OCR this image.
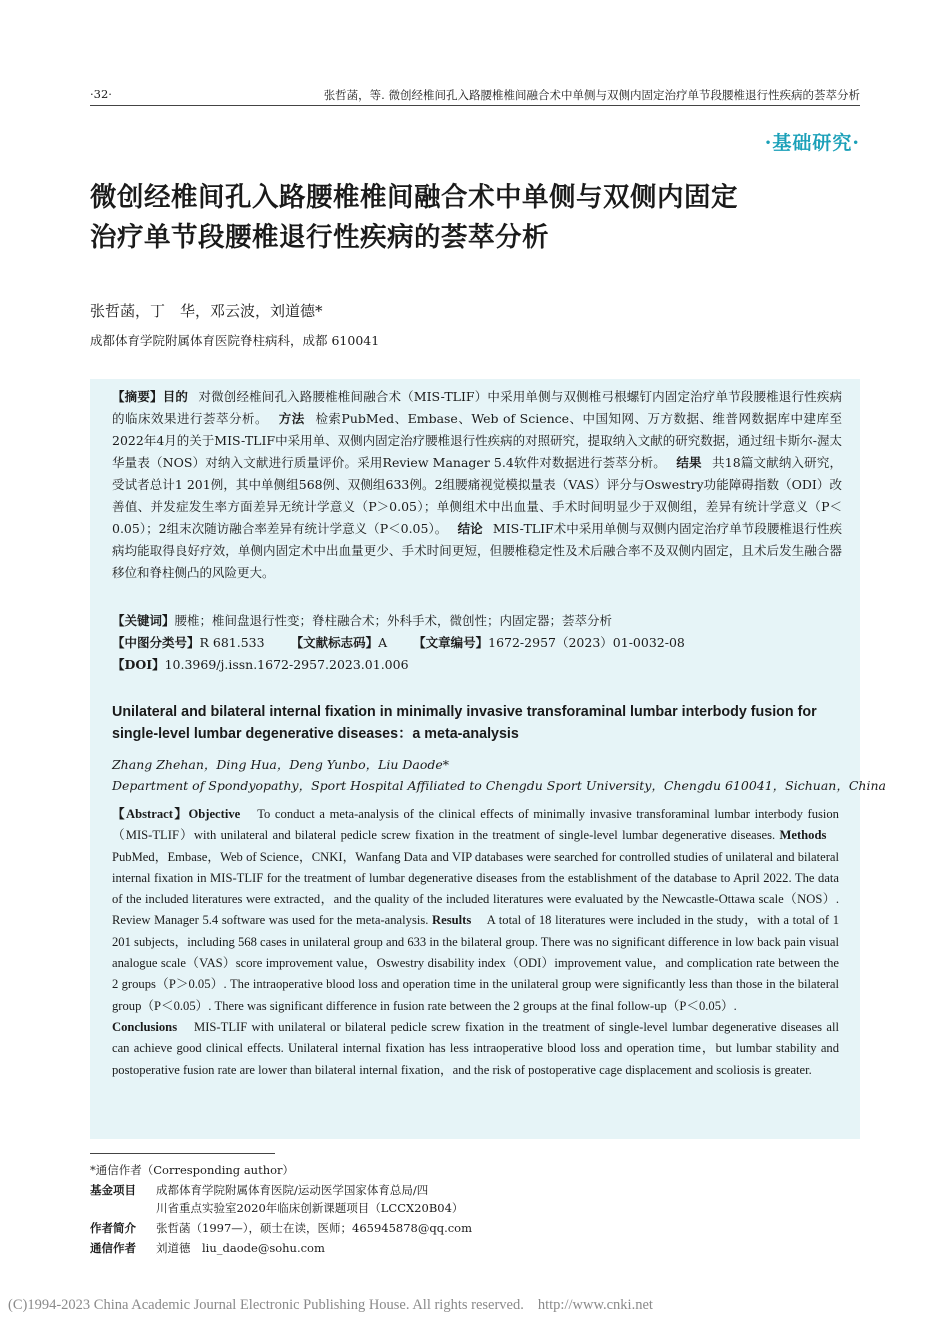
·32·	张哲菡，等. 微创经椎间孔入路腰椎椎间融合术中单侧与双侧内固定治疗单节段腰椎退行性疾病的荟萃分析
·基础研究·
微创经椎间孔入路腰椎椎间融合术中单侧与双侧内固定
治疗单节段腰椎退行性疾病的荟萃分析
张哲菡，丁　华，邓云波，刘道德*
成都体育学院附属体育医院脊柱病科，成都 610041
【摘要】目的  对微创经椎间孔入路腰椎椎间融合术（MIS-TLIF）中采用单侧与双侧椎弓根螺钉内固定治疗单节段腰椎退行性疾病的临床效果进行荟萃分析。  方法  检索PubMed、Embase、Web of Science、中国知网、万方数据、维普网数据库中建库至2022年4月的关于MIS-TLIF中采用单、双侧内固定治疗腰椎退行性疾病的对照研究，提取纳入文献的研究数据，通过纽卡斯尔-渥太华量表（NOS）对纳入文献进行质量评价。采用Review Manager 5.4软件对数据进行荟萃分析。  结果  共18篇文献纳入研究，受试者总计1 201例，其中单侧组568例、双侧组633例。2组腰痛视觉模拟量表（VAS）评分与Oswestry功能障碍指数（ODI）改善值、并发症发生率方面差异无统计学意义（P＞0.05）；单侧组术中出血量、手术时间明显少于双侧组，差异有统计学意义（P＜0.05）；2组末次随访融合率差异有统计学意义（P＜0.05）。  结论  MIS-TLIF术中采用单侧与双侧内固定治疗单节段腰椎退行性疾病均能取得良好疗效，单侧内固定术中出血量更少、手术时间更短，但腰椎稳定性及术后融合率不及双侧内固定，且术后发生融合器移位和脊柱侧凸的风险更大。
【关键词】腰椎；椎间盘退行性变；脊柱融合术；外科手术，微创性；内固定器；荟萃分析
【中图分类号】R 681.533 【文献标志码】A 【文章编号】1672-2957（2023）01-0032-08
【DOI】10.3969/j.issn.1672-2957.2023.01.006
Unilateral and bilateral internal fixation in minimally invasive transforaminal lumbar interbody fusion for single-level lumbar degenerative diseases：a meta-analysis
Zhang Zhehan，Ding Hua，Deng Yunbo，Liu Daode*
Department of Spondyopathy，Sport Hospital Affiliated to Chengdu Sport University，Chengdu 610041，Sichuan，China
【Abstract】Objective  To conduct a meta-analysis of the clinical effects of minimally invasive transforaminal lumbar interbody fusion（MIS-TLIF）with unilateral and bilateral pedicle screw fixation in the treatment of single-level lumbar degenerative diseases. Methods  PubMed，Embase，Web of Science，CNKI，Wanfang Data and VIP databases were searched for controlled studies of unilateral and bilateral internal fixation in MIS-TLIF for the treatment of lumbar degenerative diseases from the establishment of the database to April 2022. The data of the included literatures were extracted，and the quality of the included literatures were evaluated by the Newcastle-Ottawa scale（NOS）. Review Manager 5.4 software was used for the meta-analysis. Results  A total of 18 literatures were included in the study，with a total of 1 201 subjects，including 568 cases in unilateral group and 633 in the bilateral group. There was no significant difference in low back pain visual analogue scale（VAS）score improvement value，Oswestry disability index（ODI）improvement value，and complication rate between the 2 groups（P＞0.05）. The intraoperative blood loss and operation time in the unilateral group were significantly less than those in the bilateral group（P＜0.05）. There was significant difference in fusion rate between the 2 groups at the final follow-up（P＜0.05）.
Conclusions  MIS-TLIF with unilateral or bilateral pedicle screw fixation in the treatment of single-level lumbar degenerative diseases all can achieve good clinical effects. Unilateral internal fixation has less intraoperative blood loss and operation time，but lumbar stability and postoperative fusion rate are lower than bilateral internal fixation，and the risk of postoperative cage displacement and scoliosis is greater.
*通信作者（Corresponding author）
基金项目 成都体育学院附属体育医院/运动医学国家体育总局/四
川省重点实验室2020年临床创新课题项目（LCCX20B04）
作者简介 张哲菡（1997—），硕士在读，医师；465945878@qq.com
通信作者 刘道德　liu_daode@sohu.com
(C)1994-2023 China Academic Journal Electronic Publishing House. All rights reserved. http://www.cnki.net
